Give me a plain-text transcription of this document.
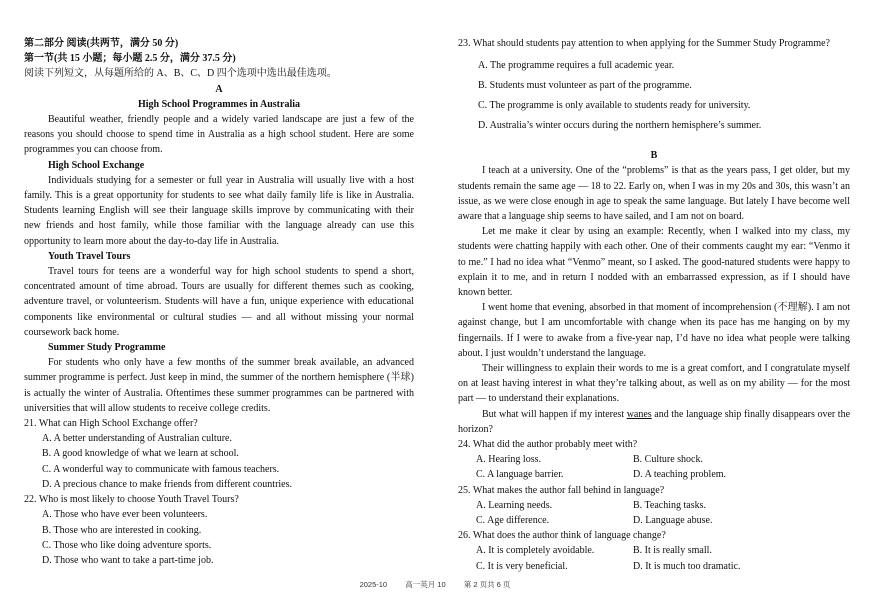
第二部分 阅读(共两节，满分 50 分)

第一节(共 15 小题；每小题 2.5 分，满分 37.5 分)

阅读下列短文，从每题所给的 A、B、C、D 四个选项中选出最佳选项。

A

High School Programmes in Australia

Beautiful weather, friendly people and a widely varied landscape are just a few of the reasons you should choose to spend time in Australia as a high school student. Here are some programmes you can choose from.

High School Exchange

Individuals studying for a semester or full year in Australia will usually live with a host family. This is a great opportunity for students to see what daily family life is like in Australia. Students learning English will see their language skills improve by communicating with their new friends and host family, while those familiar with the language already can use this opportunity to learn more about the day-to-day life in Australia.

Youth Travel Tours

Travel tours for teens are a wonderful way for high school students to spend a short, concentrated amount of time abroad. Tours are usually for different themes such as cooking, adventure travel, or volunteerism. Students will have a fun, unique experience with educational components like environmental or cultural studies — and all without missing your normal coursework back home.

Summer Study Programme

For students who only have a few months of the summer break available, an advanced summer programme is perfect. Just keep in mind, the summer of the northern hemisphere (半球) is actually the winter of Australia. Oftentimes these summer programmes can be partnered with universities that will allow students to receive college credits.

21. What can High School Exchange offer?

A. A better understanding of Australian culture.

B. A good knowledge of what we learn at school.

C. A wonderful way to communicate with famous teachers.

D. A precious chance to make friends from different countries.

22. Who is most likely to choose Youth Travel Tours?

A. Those who have ever been volunteers.

B. Those who are interested in cooking.

C. Those who like doing adventure sports.

D. Those who want to take a part-time job.

23. What should students pay attention to when applying for the Summer Study Programme?

A. The programme requires a full academic year.

B. Students must volunteer as part of the programme.

C. The programme is only available to students ready for university.

D. Australia’s winter occurs during the northern hemisphere’s summer.

B

I teach at a university. One of the “problems” is that as the years pass, I get older, but my students remain the same age — 18 to 22. Early on, when I was in my 20s and 30s, this wasn’t an issue, as we were close enough in age to speak the same language. But lately I have become well aware that a language ship seems to have sailed, and I am not on board.

Let me make it clear by using an example: Recently, when I walked into my class, my students were chatting happily with each other. One of their comments caught my ear: “Venmo it to me.” I had no idea what “Venmo” meant, so I asked. The good-natured students were happy to explain it to me, and in return I nodded with an embarrassed expression, as if I should have known better.

I went home that evening, absorbed in that moment of incomprehension (不理解). I am not against change, but I am uncomfortable with change when its pace has me hanging on by my fingernails. If I were to awake from a five-year nap, I’d have no idea what people were talking about. I just wouldn’t understand the language.

Their willingness to explain their words to me is a great comfort, and I congratulate myself on at least having interest in what they’re talking about, as well as on my ability — for the most part — to understand their explanations.

But what will happen if my interest wanes and the language ship finally disappears over the horizon?

24. What did the author probably meet with?

A. Hearing loss.	B. Culture shock.
C. A language barrier.	D. A teaching problem.

25. What makes the author fall behind in language?

A. Learning needs.	B. Teaching tasks.
C. Age difference.	D. Language abuse.

26. What does the author think of language change?

A. It is completely avoidable.	B. It is really small.
C. It is very beneficial.	D. It is much too dramatic.
2025-10 高一英月 10 第 2 页共 6 页
